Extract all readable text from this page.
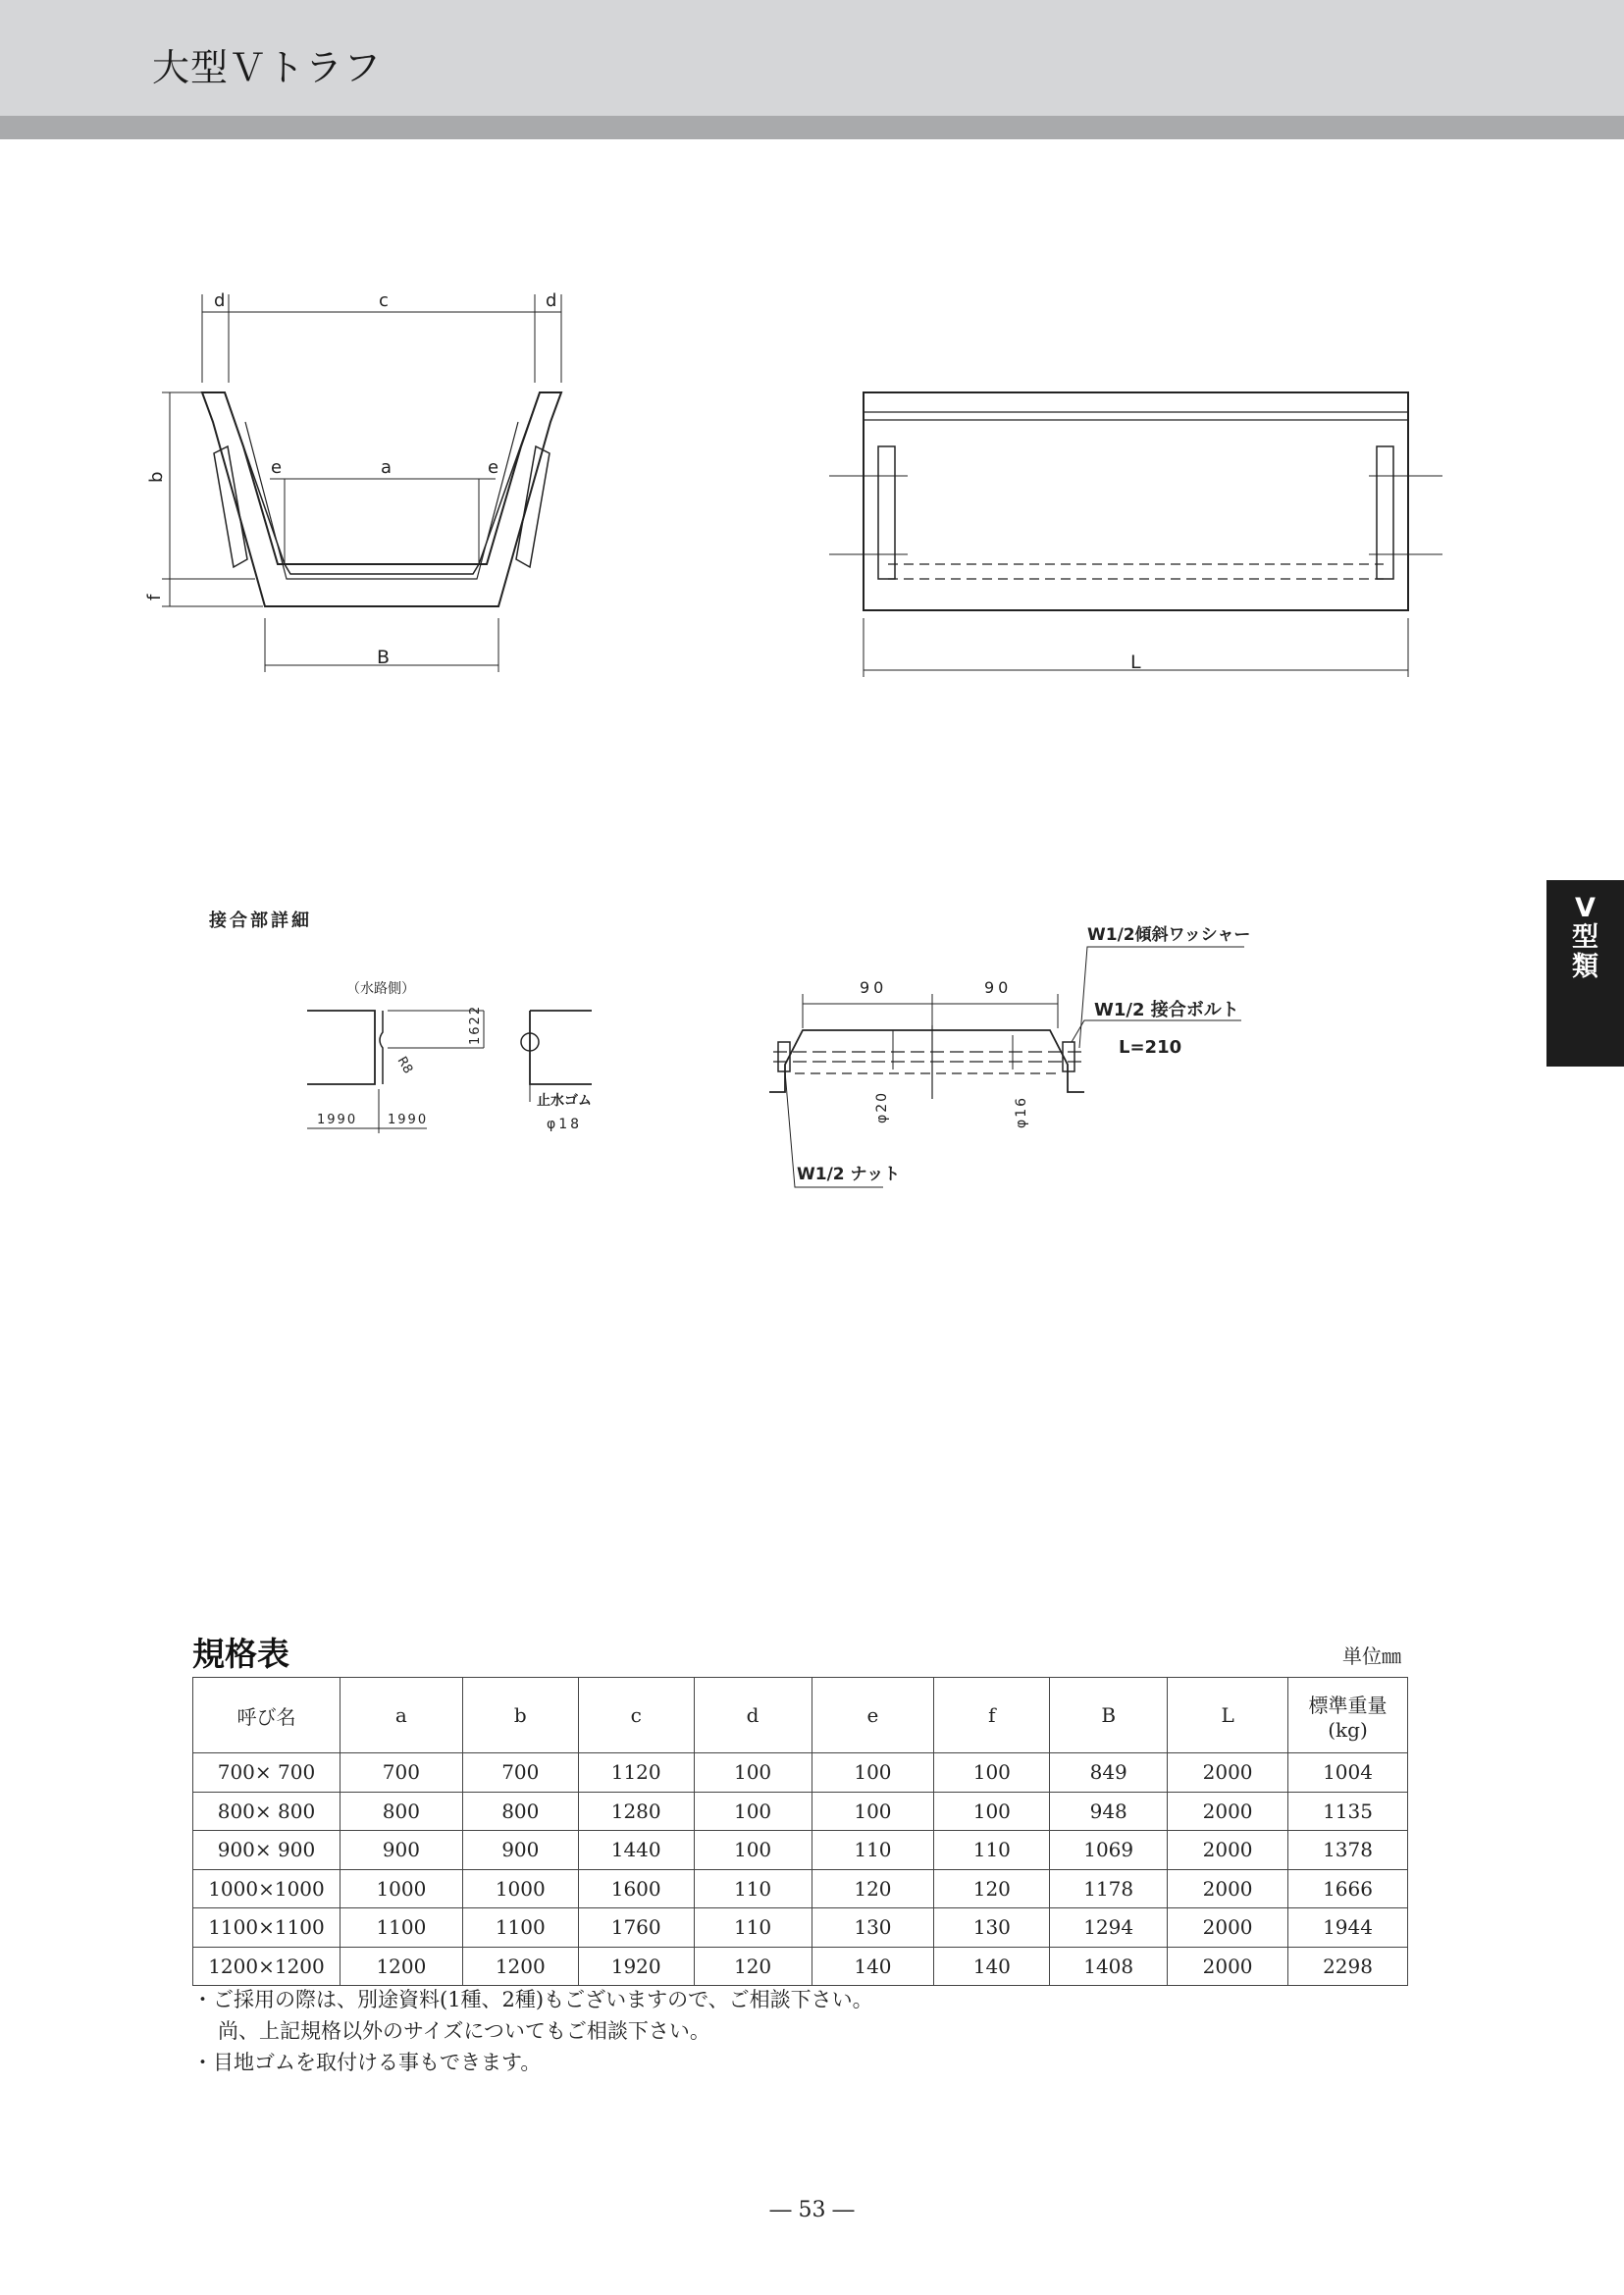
大型Ｖトラフ
V
型
類
d	c	d
e	a	e
b
f
B	L
（水路側）
1622
R8
1990 1990
止水ゴム
φ18
W1/2傾斜ワッシャー
90	90
W1/2 接合ボルト
L=210
φ20	φ16
W1/2 ナット
接合部詳細
規格表	単位㎜
呼び名	a	b	c	d	e	f	B	L	標準重量
(kg)

700× 700	700	700	1120	100	100	100	849	2000	1004
800× 800	800	800	1280	100	100	100	948	2000	1135
900× 900	900	900	1440	100	110	110	1069	2000	1378
1000×1000	1000	1000	1600	110	120	120	1178	2000	1666
1100×1100	1100	1100	1760	110	130	130	1294	2000	1944
1200×1200	1200	1200	1920	120	140	140	1408	2000	2298
・ご採用の際は、別途資料(1種、2種)もございますので、ご相談下さい。
尚、上記規格以外のサイズについてもご相談下さい。
・目地ゴムを取付ける事もできます。
― 53 ―
